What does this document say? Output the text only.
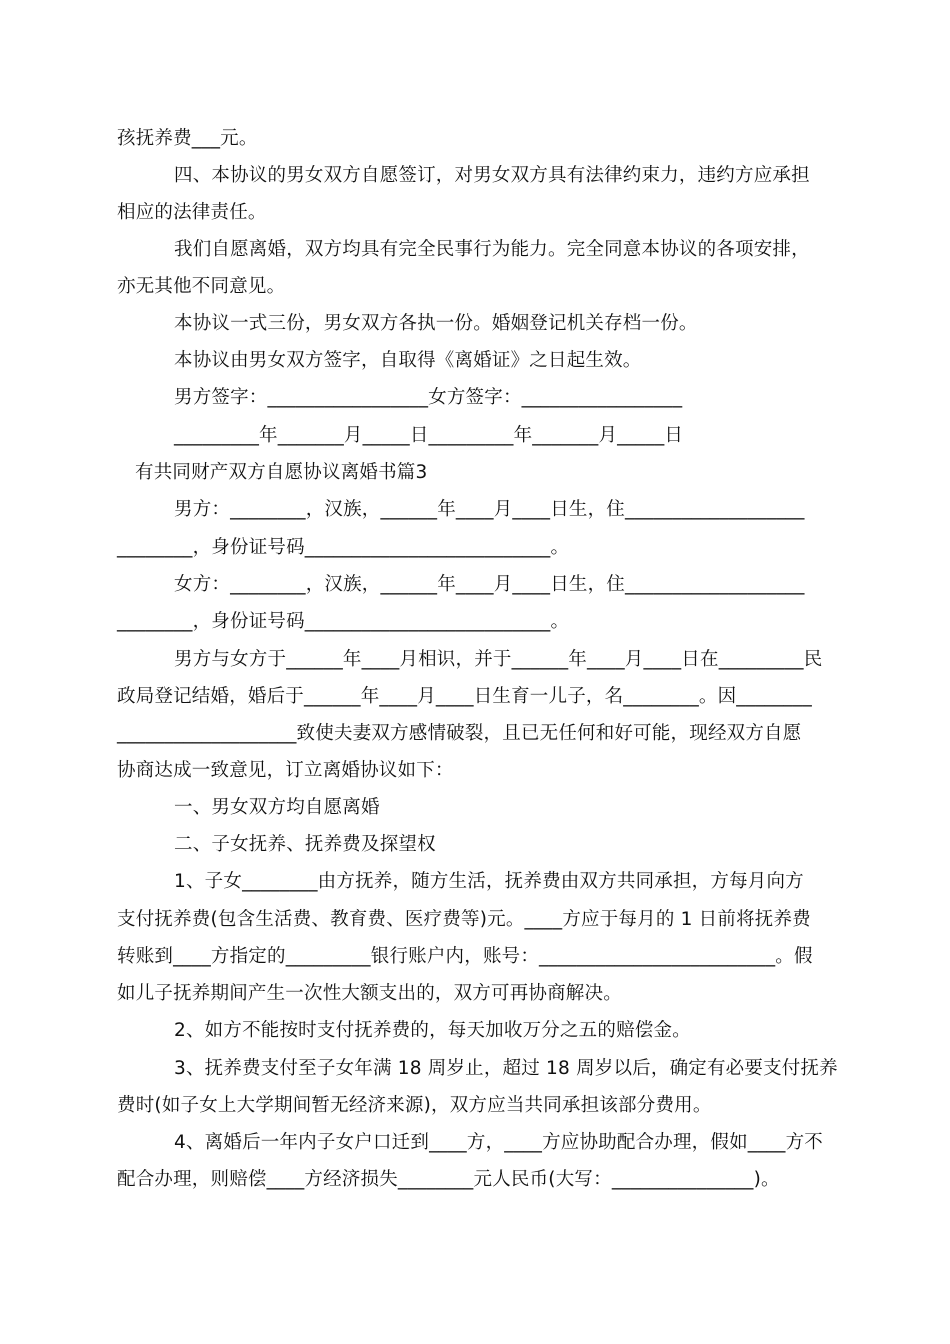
孩抚养费___元。
四、本协议的男女双方自愿签订，对男女双方具有法律约束力，违约方应承担
相应的法律责任。
我们自愿离婚，双方均具有完全民事行为能力。完全同意本协议的各项安排，
亦无其他不同意见。
本协议一式三份，男女双方各执一份。婚姻登记机关存档一份。
本协议由男女双方签字，自取得《离婚证》之日起生效。
男方签字：_________________女方签字：_________________
_________年_______月_____日_________年_______月_____日
有共同财产双方自愿协议离婚书篇3
男方：________，汉族，______年____月____日生，住___________________
________，身份证号码__________________________。
女方：________，汉族，______年____月____日生，住___________________
________，身份证号码__________________________。
男方与女方于______年____月相识，并于______年____月____日在_________民
政局登记结婚，婚后于______年____月____日生育一儿子，名________。因________
___________________致使夫妻双方感情破裂，且已无任何和好可能，现经双方自愿
协商达成一致意见，订立离婚协议如下：
一、男女双方均自愿离婚
二、子女抚养、抚养费及探望权
1、子女________由方抚养，随方生活，抚养费由双方共同承担，方每月向方
支付抚养费(包含生活费、教育费、医疗费等)元。____方应于每月的 1 日前将抚养费
转账到____方指定的_________银行账户内，账号：_________________________。假
如儿子抚养期间产生一次性大额支出的，双方可再协商解决。
2、如方不能按时支付抚养费的，每天加收万分之五的赔偿金。
3、抚养费支付至子女年满 18 周岁止，超过 18 周岁以后，确定有必要支付抚养
费时(如子女上大学期间暂无经济来源)，双方应当共同承担该部分费用。
4、离婚后一年内子女户口迁到____方，____方应协助配合办理，假如____方不
配合办理，则赔偿____方经济损失________元人民币(大写：_______________)。
